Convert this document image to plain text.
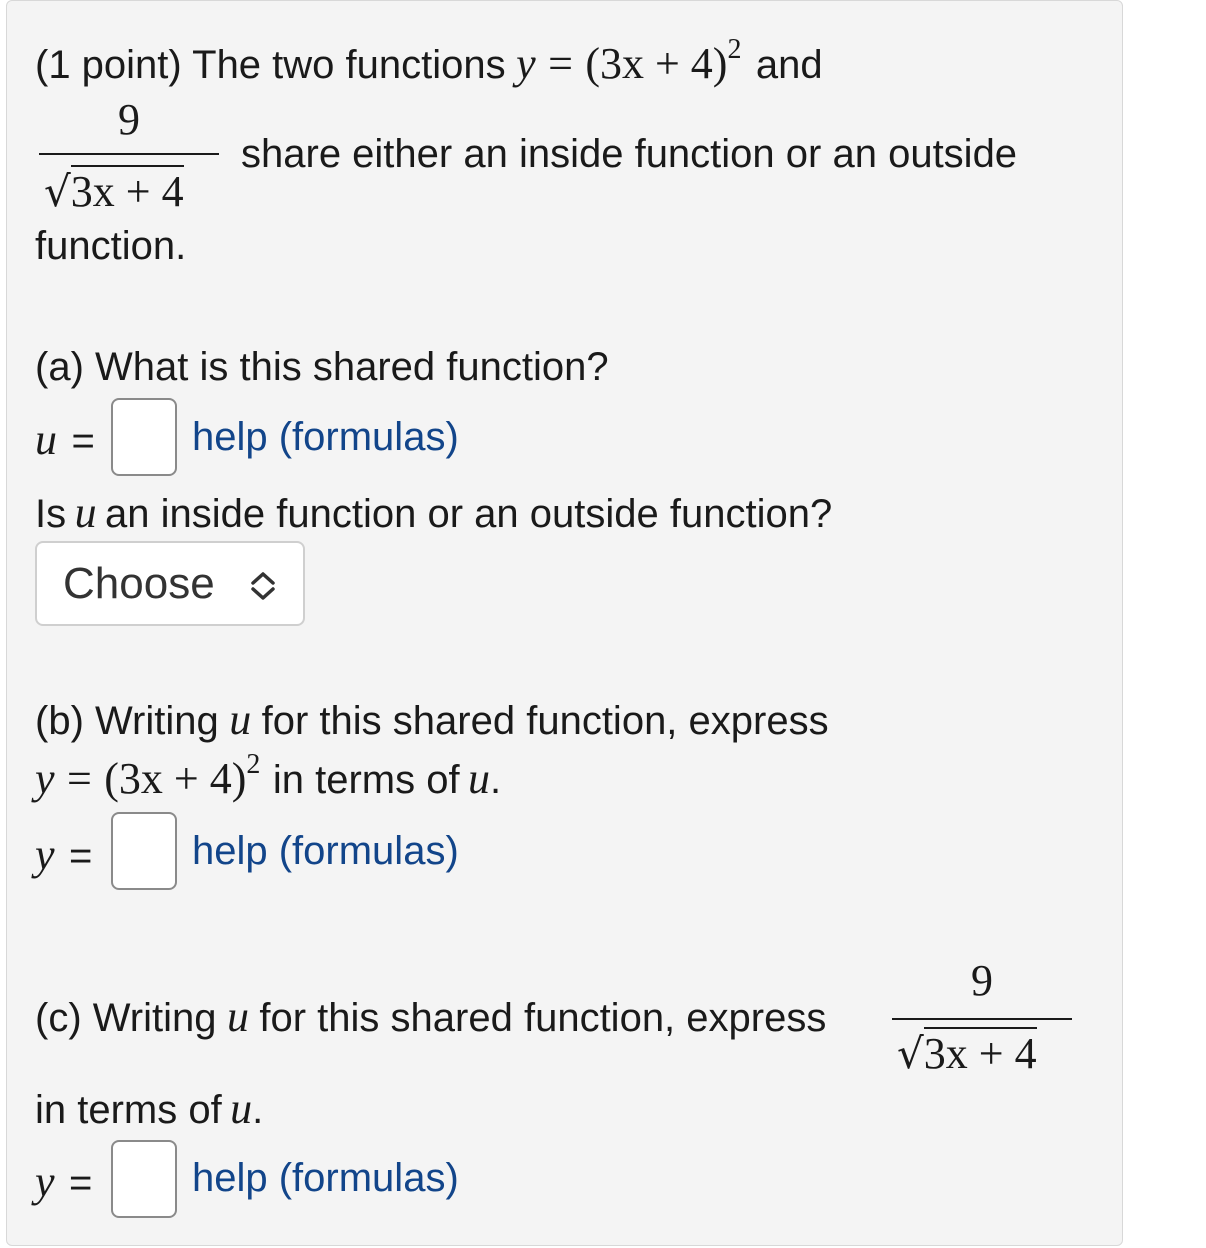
(1 point) The two functions y = (3x + 4)2 and
9
√3x + 4
share either an inside function or an outside
function.
(a) What is this shared function?
u = help (formulas)
Is u an inside function or an outside function?
Choose
(b) Writing u for this shared function, express
y = (3x + 4)2 in terms of u.
y = help (formulas)
(c) Writing u for this shared function, express
9
√3x + 4
in terms of u.
y = help (formulas)
